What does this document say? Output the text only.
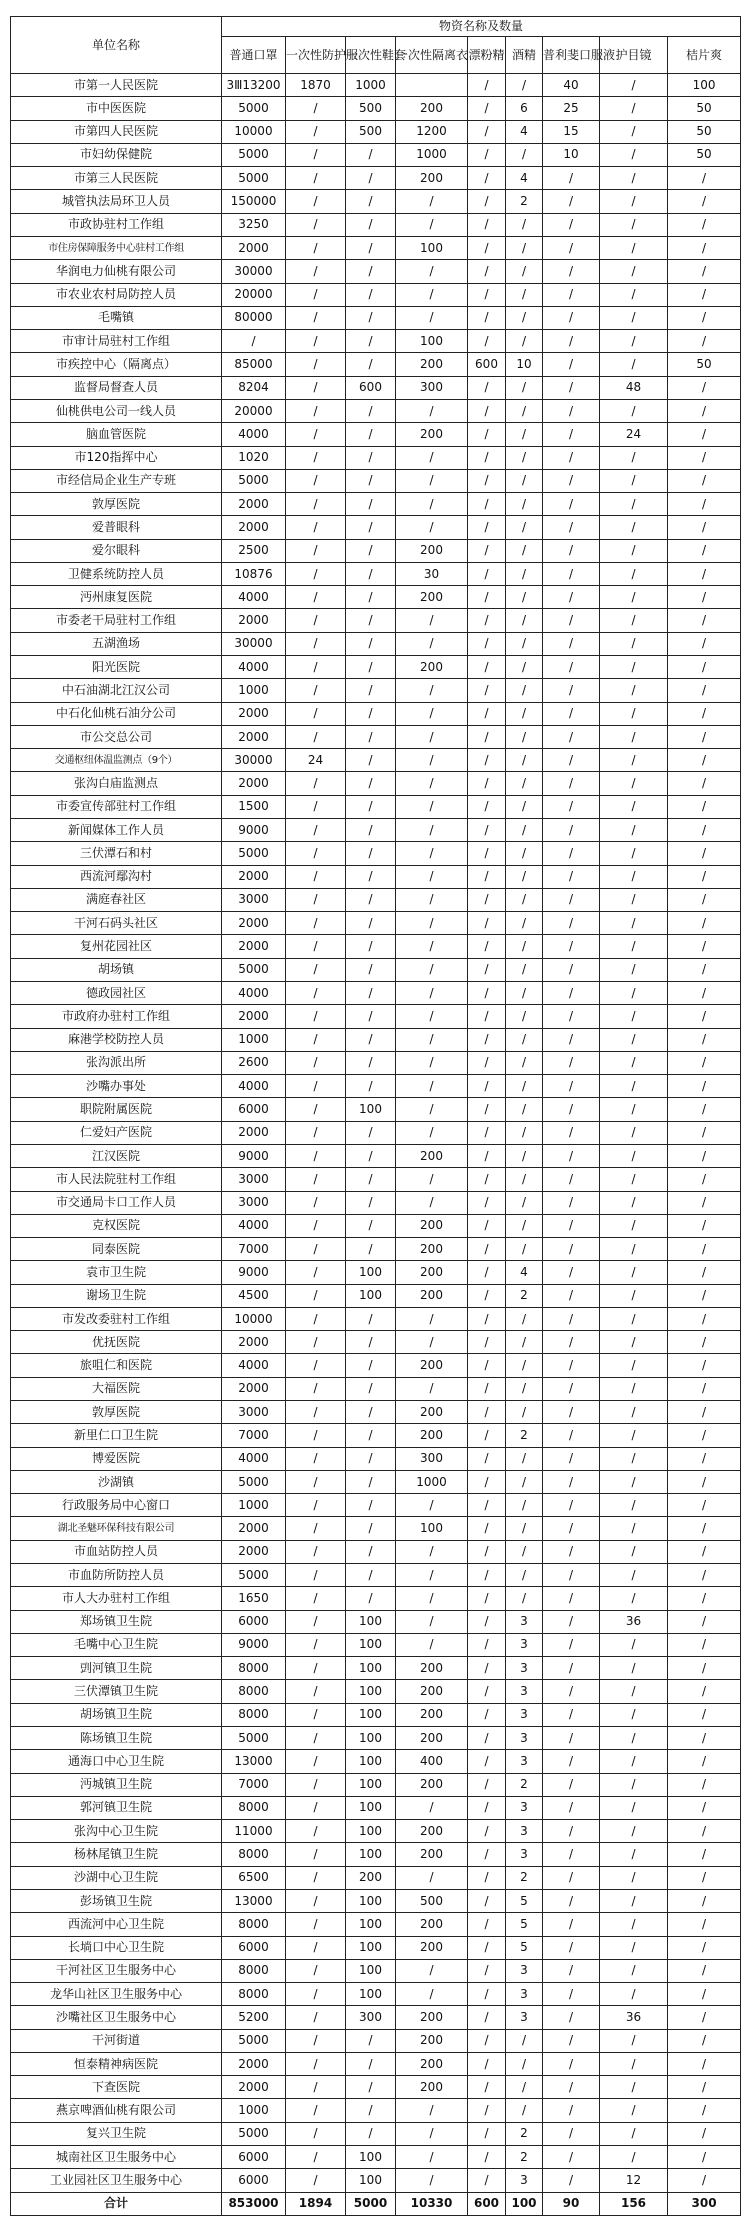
单位名称	物资名称及数量								
	普通口罩	一次性防护服	一次性鞋套	一次性隔离衣	漂粉精	酒精	普利斐口服液	护目镜	桔片爽
市第一人民医院	3Ⅲ13200	1870	1000		/	/	40	/	100
市中医医院	5000	/	500	200	/	6	25	/	50
市第四人民医院	10000	/	500	1200	/	4	15	/	50
市妇幼保健院	5000	/	/	1000	/	/	10	/	50
市第三人民医院	5000	/	/	200	/	4	/	/	/
城管执法局环卫人员	150000	/	/	/	/	2	/	/	/
市政协驻村工作组	3250	/	/	/	/	/	/	/	/
市住房保障服务中心驻村工作组	2000	/	/	100	/	/	/	/	/
华润电力仙桃有限公司	30000	/	/	/	/	/	/	/	/
市农业农村局防控人员	20000	/	/	/	/	/	/	/	/
毛嘴镇	80000	/	/	/	/	/	/	/	/
市审计局驻村工作组	/	/	/	100	/	/	/	/	/
市疾控中心（隔离点）	85000	/	/	200	600	10	/	/	50
监督局督查人员	8204	/	600	300	/	/	/	48	/
仙桃供电公司一线人员	20000	/	/	/	/	/	/	/	/
脑血管医院	4000	/	/	200	/	/	/	24	/
市120指挥中心	1020	/	/	/	/	/	/	/	/
市经信局企业生产专班	5000	/	/	/	/	/	/	/	/
敦厚医院	2000	/	/	/	/	/	/	/	/
爱普眼科	2000	/	/	/	/	/	/	/	/
爱尔眼科	2500	/	/	200	/	/	/	/	/
卫健系统防控人员	10876	/	/	30	/	/	/	/	/
沔州康复医院	4000	/	/	200	/	/	/	/	/
市委老干局驻村工作组	2000	/	/	/	/	/	/	/	/
五湖渔场	30000	/	/	/	/	/	/	/	/
阳光医院	4000	/	/	200	/	/	/	/	/
中石油湖北江汉公司	1000	/	/	/	/	/	/	/	/
中石化仙桃石油分公司	2000	/	/	/	/	/	/	/	/
市公交总公司	2000	/	/	/	/	/	/	/	/
交通枢纽体温监测点（9个）	30000	24	/	/	/	/	/	/	/
张沟白庙监测点	2000	/	/	/	/	/	/	/	/
市委宣传部驻村工作组	1500	/	/	/	/	/	/	/	/
新闻媒体工作人员	9000	/	/	/	/	/	/	/	/
三伏潭石和村	5000	/	/	/	/	/	/	/	/
西流河鄢沟村	2000	/	/	/	/	/	/	/	/
满庭春社区	3000	/	/	/	/	/	/	/	/
干河石码头社区	2000	/	/	/	/	/	/	/	/
复州花园社区	2000	/	/	/	/	/	/	/	/
胡场镇	5000	/	/	/	/	/	/	/	/
德政园社区	4000	/	/	/	/	/	/	/	/
市政府办驻村工作组	2000	/	/	/	/	/	/	/	/
麻港学校防控人员	1000	/	/	/	/	/	/	/	/
张沟派出所	2600	/	/	/	/	/	/	/	/
沙嘴办事处	4000	/	/	/	/	/	/	/	/
职院附属医院	6000	/	100	/	/	/	/	/	/
仁爱妇产医院	2000	/	/	/	/	/	/	/	/
江汉医院	9000	/	/	200	/	/	/	/	/
市人民法院驻村工作组	3000	/	/	/	/	/	/	/	/
市交通局卡口工作人员	3000	/	/	/	/	/	/	/	/
克权医院	4000	/	/	200	/	/	/	/	/
同泰医院	7000	/	/	200	/	/	/	/	/
袁市卫生院	9000	/	100	200	/	4	/	/	/
谢场卫生院	4500	/	100	200	/	2	/	/	/
市发改委驻村工作组	10000	/	/	/	/	/	/	/	/
优抚医院	2000	/	/	/	/	/	/	/	/
旅咀仁和医院	4000	/	/	200	/	/	/	/	/
大福医院	2000	/	/	/	/	/	/	/	/
敦厚医院	3000	/	/	200	/	/	/	/	/
新里仁口卫生院	7000	/	/	200	/	2	/	/	/
博爱医院	4000	/	/	300	/	/	/	/	/
沙湖镇	5000	/	/	1000	/	/	/	/	/
行政服务局中心窗口	1000	/	/	/	/	/	/	/	/
湖北圣魅环保科技有限公司	2000	/	/	100	/	/	/	/	/
市血站防控人员	2000	/	/	/	/	/	/	/	/
市血防所防控人员	5000	/	/	/	/	/	/	/	/
市人大办驻村工作组	1650	/	/	/	/	/	/	/	/
郑场镇卫生院	6000	/	100	/	/	3	/	36	/
毛嘴中心卫生院	9000	/	100	/	/	3	/	/	/
剅河镇卫生院	8000	/	100	200	/	3	/	/	/
三伏潭镇卫生院	8000	/	100	200	/	3	/	/	/
胡场镇卫生院	8000	/	100	200	/	3	/	/	/
陈场镇卫生院	5000	/	100	200	/	3	/	/	/
通海口中心卫生院	13000	/	100	400	/	3	/	/	/
沔城镇卫生院	7000	/	100	200	/	2	/	/	/
郭河镇卫生院	8000	/	100	/	/	3	/	/	/
张沟中心卫生院	11000	/	100	200	/	3	/	/	/
杨林尾镇卫生院	8000	/	100	200	/	3	/	/	/
沙湖中心卫生院	6500	/	200	/	/	2	/	/	/
彭场镇卫生院	13000	/	100	500	/	5	/	/	/
西流河中心卫生院	8000	/	100	200	/	5	/	/	/
长埫口中心卫生院	6000	/	100	200	/	5	/	/	/
干河社区卫生服务中心	8000	/	100	/	/	3	/	/	/
龙华山社区卫生服务中心	8000	/	100	/	/	3	/	/	/
沙嘴社区卫生服务中心	5200	/	300	200	/	3	/	36	/
干河街道	5000	/	/	200	/	/	/	/	/
恒泰精神病医院	2000	/	/	200	/	/	/	/	/
下查医院	2000	/	/	200	/	/	/	/	/
燕京啤酒仙桃有限公司	1000	/	/	/	/	/	/	/	/
复兴卫生院	5000	/	/	/	/	2	/	/	/
城南社区卫生服务中心	6000	/	100	/	/	2	/	/	/
工业园社区卫生服务中心	6000	/	100	/	/	3	/	12	/
合计	853000	1894	5000	10330	600	100	90	156	300
